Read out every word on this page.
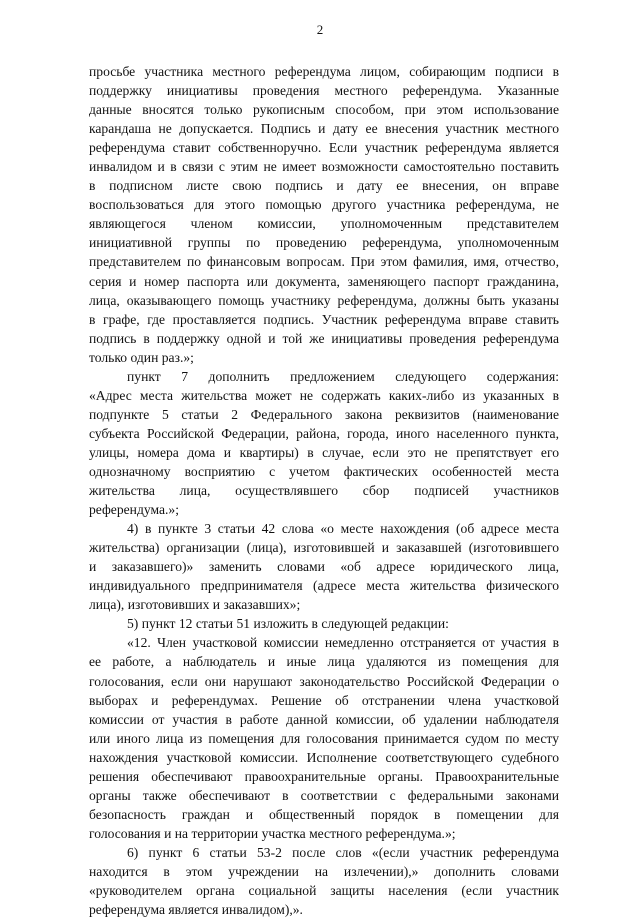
2
просьбе участника местного референдума лицом, собирающим подписи в
поддержку инициативы проведения местного референдума. Указанные
данные вносятся только рукописным способом, при этом использование
карандаша не допускается. Подпись и дату ее внесения участник местного
референдума ставит собственноручно. Если участник референдума является
инвалидом и в связи с этим не имеет возможности самостоятельно поставить
в подписном листе свою подпись и дату ее внесения, он вправе
воспользоваться для этого помощью другого участника референдума, не
являющегося членом комиссии, уполномоченным представителем
инициативной группы по проведению референдума, уполномоченным
представителем по финансовым вопросам. При этом фамилия, имя, отчество,
серия и номер паспорта или документа, заменяющего паспорт гражданина,
лица, оказывающего помощь участнику референдума, должны быть указаны
в графе, где проставляется подпись. Участник референдума вправе ставить
подпись в поддержку одной и той же инициативы проведения референдума
только один раз.»;
пункт 7 дополнить предложением следующего содержания:
«Адрес места жительства может не содержать каких-либо из указанных в
подпункте 5 статьи 2 Федерального закона реквизитов (наименование
субъекта Российской Федерации, района, города, иного населенного пункта,
улицы, номера дома и квартиры) в случае, если это не препятствует его
однозначному восприятию с учетом фактических особенностей места
жительства лица, осуществлявшего сбор подписей участников
референдума.»;
4) в пункте 3 статьи 42 слова «о месте нахождения (об адресе места
жительства) организации (лица), изготовившей и заказавшей (изготовившего
и заказавшего)» заменить словами «об адресе юридического лица,
индивидуального предпринимателя (адресе места жительства физического
лица), изготовивших и заказавших»;
5) пункт 12 статьи 51 изложить в следующей редакции:
«12. Член участковой комиссии немедленно отстраняется от участия в
ее работе, а наблюдатель и иные лица удаляются из помещения для
голосования, если они нарушают законодательство Российской Федерации о
выборах и референдумах. Решение об отстранении члена участковой
комиссии от участия в работе данной комиссии, об удалении наблюдателя
или иного лица из помещения для голосования принимается судом по месту
нахождения участковой комиссии. Исполнение соответствующего судебного
решения обеспечивают правоохранительные органы. Правоохранительные
органы также обеспечивают в соответствии с федеральными законами
безопасность граждан и общественный порядок в помещении для
голосования и на территории участка местного референдума.»;
6) пункт 6 статьи 53-2 после слов «(если участник референдума
находится в этом учреждении на излечении),» дополнить словами
«руководителем органа социальной защиты населения (если участник
референдума является инвалидом),».
